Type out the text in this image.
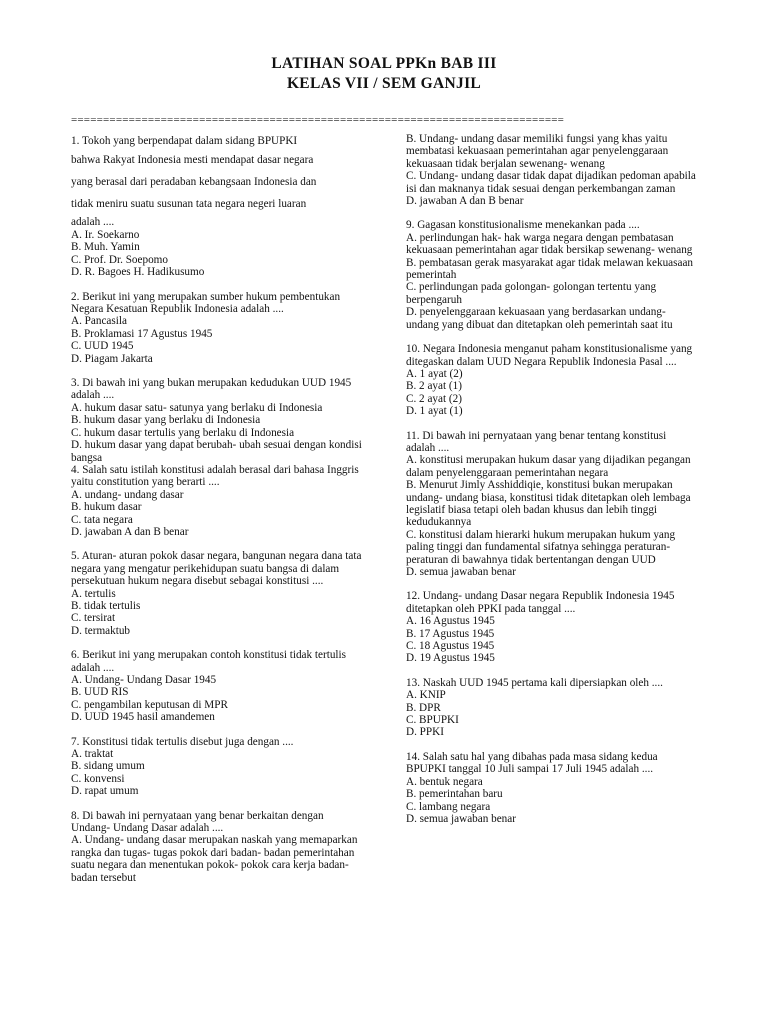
LATIHAN SOAL PPKn BAB III
KELAS VII / SEM GANJIL
=============================================================================
1. Tokoh yang berpendapat dalam sidang BPUPKI
bahwa Rakyat Indonesia mesti mendapat dasar negara
yang berasal dari peradaban kebangsaan Indonesia dan
tidak meniru suatu susunan tata negara negeri luaran
adalah ....
A. Ir. Soekarno
B. Muh. Yamin
C. Prof. Dr. Soepomo
D. R. Bagoes H. Hadikusumo
2. Berikut ini yang merupakan sumber hukum pembentukan Negara Kesatuan Republik Indonesia adalah ....
A. Pancasila
B. Proklamasi 17 Agustus 1945
C. UUD 1945
D. Piagam Jakarta
3. Di bawah ini yang bukan merupakan kedudukan UUD 1945 adalah ....
A. hukum dasar satu- satunya yang berlaku di Indonesia
B. hukum dasar yang berlaku di Indonesia
C. hukum dasar tertulis yang berlaku di Indonesia
D. hukum dasar yang dapat berubah- ubah sesuai dengan kondisi bangsa
4. Salah satu istilah konstitusi adalah berasal dari bahasa Inggris yaitu constitution yang berarti ....
A. undang- undang dasar
B. hukum dasar
C. tata negara
D. jawaban A dan B benar
5. Aturan- aturan pokok dasar negara, bangunan negara dana tata negara yang mengatur perikehidupan suatu bangsa di dalam persekutuan hukum negara disebut sebagai konstitusi ....
A. tertulis
B. tidak tertulis
C. tersirat
D. termaktub
6. Berikut ini yang merupakan contoh konstitusi tidak tertulis adalah ....
A. Undang- Undang Dasar 1945
B. UUD RIS
C. pengambilan keputusan di MPR
D. UUD 1945 hasil amandemen
7. Konstitusi tidak tertulis disebut juga dengan ....
A. traktat
B. sidang umum
C. konvensi
D. rapat umum
8. Di bawah ini pernyataan yang benar berkaitan dengan Undang- Undang Dasar adalah ....
A. Undang- undang dasar merupakan naskah yang memaparkan rangka dan tugas- tugas pokok dari badan- badan pemerintahan suatu negara dan menentukan pokok- pokok cara kerja badan- badan tersebut
B. Undang- undang dasar memiliki fungsi yang khas yaitu membatasi kekuasaan pemerintahan agar penyelenggaraan kekuasaan tidak berjalan sewenang- wenang
C. Undang- undang dasar tidak dapat dijadikan pedoman apabila isi dan maknanya tidak sesuai dengan perkembangan zaman
D. jawaban A dan B benar
9. Gagasan konstitusionalisme menekankan pada ....
A. perlindungan hak- hak warga negara dengan pembatasan kekuasaan pemerintahan agar tidak bersikap sewenang- wenang
B. pembatasan gerak masyarakat agar tidak melawan kekuasaan pemerintah
C. perlindungan pada golongan- golongan tertentu yang berpengaruh
D. penyelenggaraan kekuasaan yang berdasarkan undang- undang yang dibuat dan ditetapkan oleh pemerintah saat itu
10. Negara Indonesia menganut paham konstitusionalisme yang ditegaskan dalam UUD Negara Republik Indonesia Pasal ....
A. 1 ayat (2)
B. 2 ayat (1)
C. 2 ayat (2)
D. 1 ayat (1)
11. Di bawah ini pernyataan yang benar tentang konstitusi adalah ....
A. konstitusi merupakan hukum dasar yang dijadikan pegangan dalam penyelenggaraan pemerintahan negara
B. Menurut Jimly Asshiddiqie, konstitusi bukan merupakan undang- undang biasa, konstitusi tidak ditetapkan oleh lembaga legislatif biasa tetapi oleh badan khusus dan lebih tinggi kedudukannya
C. konstitusi dalam hierarki hukum merupakan hukum yang paling tinggi dan fundamental sifatnya sehingga peraturan- peraturan di bawahnya tidak bertentangan dengan UUD
D. semua jawaban benar
12. Undang- undang Dasar negara Republik Indonesia 1945 ditetapkan oleh PPKI pada tanggal ....
A. 16 Agustus 1945
B. 17 Agustus 1945
C. 18 Agustus 1945
D. 19 Agustus 1945
13. Naskah UUD 1945 pertama kali dipersiapkan oleh ....
A. KNIP
B. DPR
C. BPUPKI
D. PPKI
14. Salah satu hal yang dibahas pada masa sidang kedua BPUPKI tanggal 10 Juli sampai 17 Juli 1945 adalah ....
A. bentuk negara
B. pemerintahan baru
C. lambang negara
D. semua jawaban benar
